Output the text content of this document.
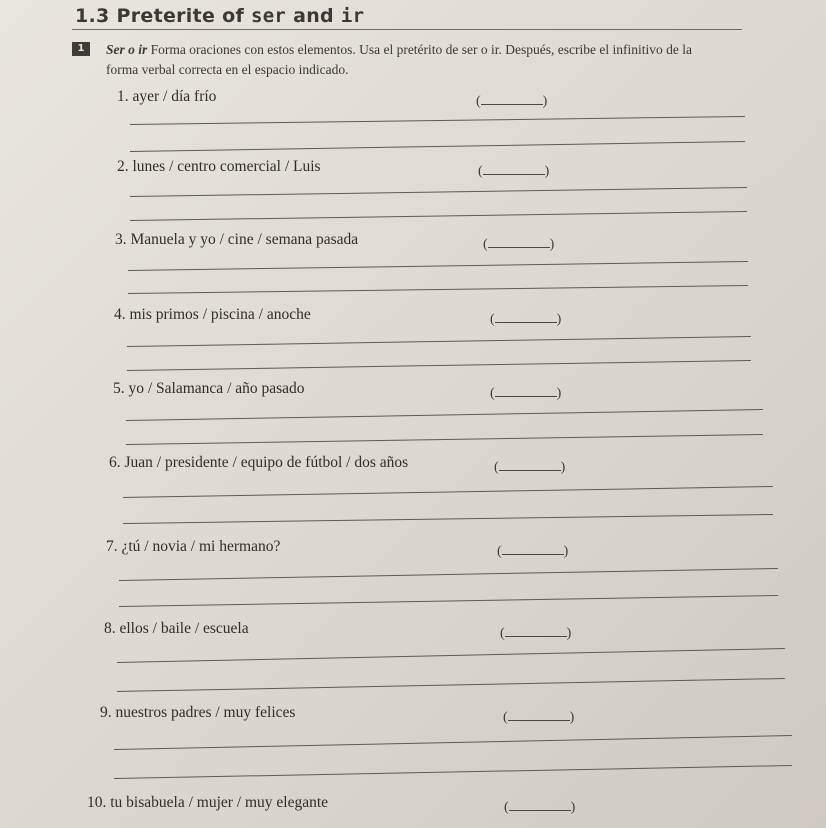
1.3 Preterite of ser and ir
1	Ser o ir Forma oraciones con estos elementos. Usa el pretérito de ser o ir. Después, escribe el infinitivo de la forma verbal correcta en el espacio indicado.
1. ayer / día frío	(	)
2. lunes / centro comercial / Luis	(	)
3. Manuela y yo / cine / semana pasada	(	)
4. mis primos / piscina / anoche	(	)
5. yo / Salamanca / año pasado	(	)
6. Juan / presidente / equipo de fútbol / dos años	(	)
7. ¿tú / novia / mi hermano?	(	)
8. ellos / baile / escuela	(	)
9. nuestros padres / muy felices	(	)
10. tu bisabuela / mujer / muy elegante	(	)
